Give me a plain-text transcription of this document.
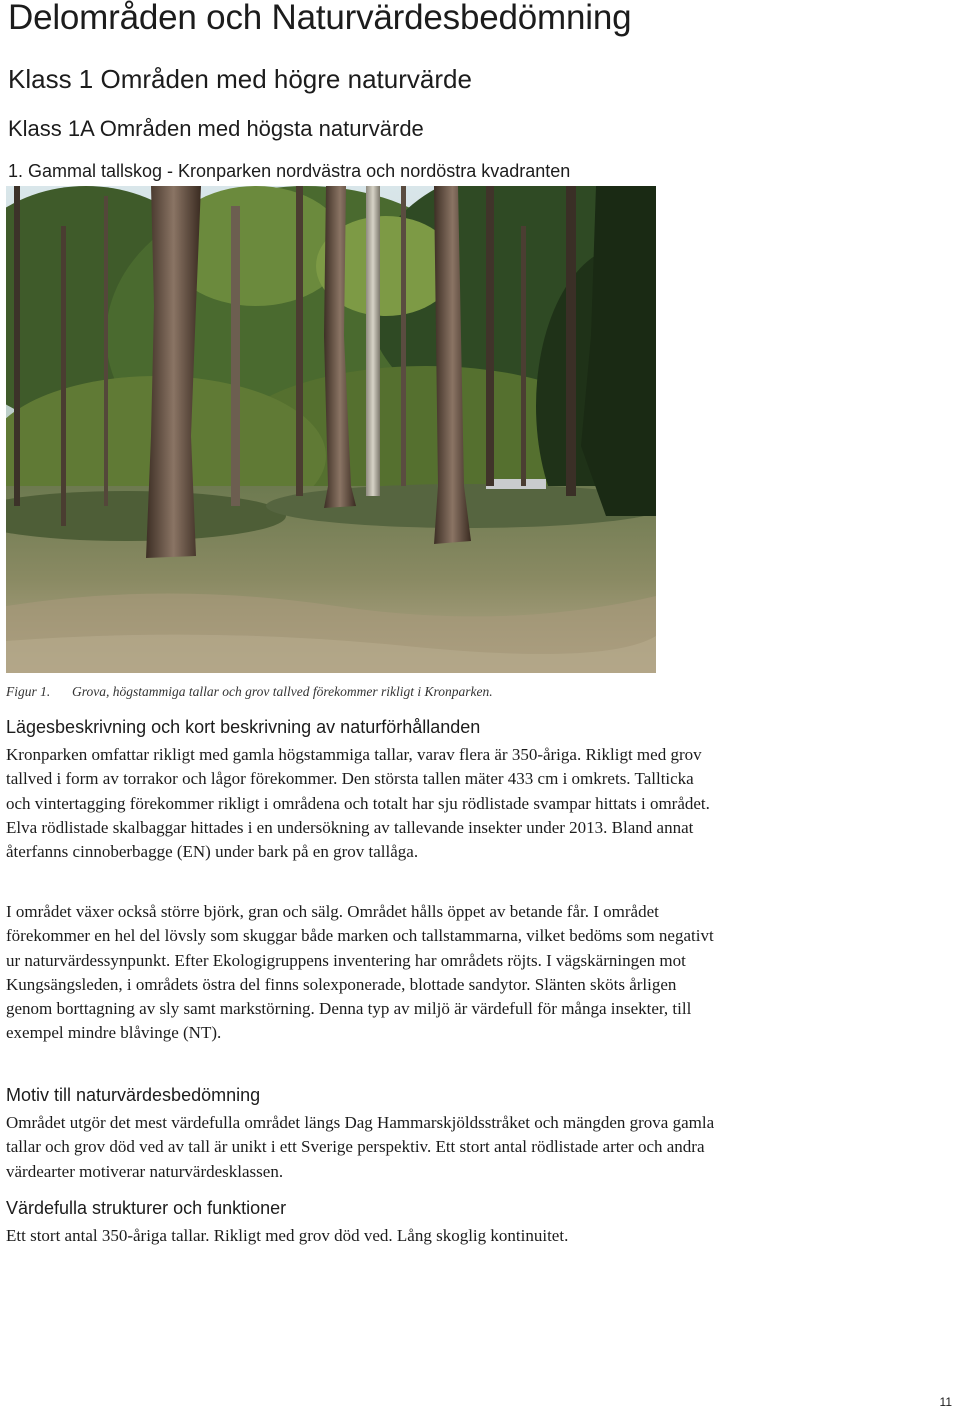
Delområden och Naturvärdesbedömning
Klass 1 Områden med högre naturvärde
Klass 1A Områden med högsta naturvärde
1. Gammal tallskog - Kronparken nordvästra och nordöstra kvadranten
Figur 1. Grova, högstammiga tallar och grov tallved förekommer rikligt i Kronparken.
Lägesbeskrivning och kort beskrivning av naturförhållanden

Kronparken omfattar rikligt med gamla högstammiga tallar, varav flera är 350-åriga. Rikligt med grov tallved i form av torrakor och lågor förekommer. Den största tallen mäter 433 cm i omkrets. Tallticka och vintertagging förekommer rikligt i områdena och totalt har sju rödlistade svampar hittats i området. Elva rödlistade skalbaggar hittades i en undersökning av tallevande insekter under 2013. Bland annat återfanns cinnoberbagge (EN) under bark på en grov tallåga.

I området växer också större björk, gran och sälg. Området hålls öppet av betande får. I området förekommer en hel del lövsly som skuggar både marken och tallstammarna, vilket bedöms som negativt ur naturvärdessynpunkt. Efter Ekologigruppens inventering har områdets röjts. I vägskärningen mot Kungsängsleden, i områdets östra del finns solexponerade, blottade sandytor. Slänten sköts årligen genom borttagning av sly samt markstörning. Denna typ av miljö är värdefull för många insekter, till exempel mindre blåvinge (NT).

Motiv till naturvärdesbedömning

Området utgör det mest värdefulla området längs Dag Hammarskjöldsstråket och mängden grova gamla tallar och grov död ved av tall är unikt i ett Sverige perspektiv. Ett stort antal rödlistade arter och andra värdearter motiverar naturvärdesklassen.

Värdefulla strukturer och funktioner

Ett stort antal 350-åriga tallar. Rikligt med grov död ved. Lång skoglig kontinuitet.

11
